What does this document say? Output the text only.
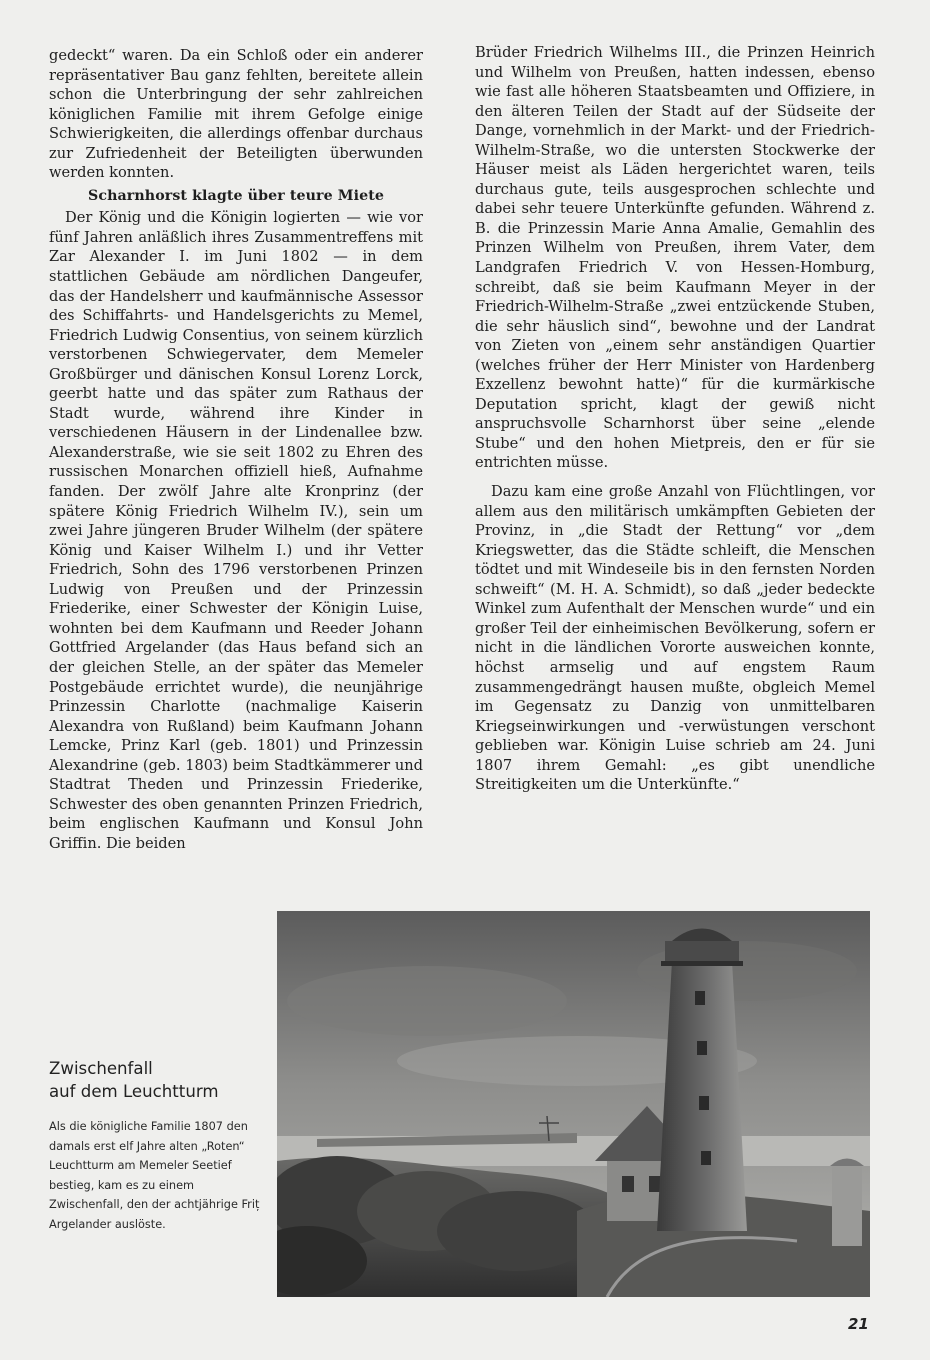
gedeckt“ waren. Da ein Schloß oder ein anderer repräsentativer Bau ganz fehlten, bereitete allein schon die Unterbringung der sehr zahlreichen königlichen Familie mit ihrem Gefolge einige Schwierigkeiten, die allerdings offenbar durchaus zur Zufriedenheit der Beteiligten überwunden werden konnten.

Scharnhorst klagte über teure Miete

Der König und die Königin logierten — wie vor fünf Jahren anläßlich ihres Zusammentreffens mit Zar Alexander I. im Juni 1802 — in dem stattlichen Gebäude am nördlichen Dangeufer, das der Handelsherr und kaufmännische Assessor des Schiffahrts- und Handelsgerichts zu Memel, Friedrich Ludwig Consentius, von seinem kürzlich verstorbenen Schwiegervater, dem Memeler Großbürger und dänischen Konsul Lorenz Lorck, geerbt hatte und das später zum Rathaus der Stadt wurde, während ihre Kinder in verschiedenen Häusern in der Lindenallee bzw. Alexanderstraße, wie sie seit 1802 zu Ehren des russischen Monarchen offiziell hieß, Aufnahme fanden. Der zwölf Jahre alte Kronprinz (der spätere König Friedrich Wilhelm IV.), sein um zwei Jahre jüngeren Bruder Wilhelm (der spätere König und Kaiser Wilhelm I.) und ihr Vetter Friedrich, Sohn des 1796 verstorbenen Prinzen Ludwig von Preußen und der Prinzessin Friederike, einer Schwester der Königin Luise, wohnten bei dem Kaufmann und Reeder Johann Gottfried Argelander (das Haus befand sich an der gleichen Stelle, an der später das Memeler Postgebäude errichtet wurde), die neunjährige Prinzessin Charlotte (nachmalige Kaiserin Alexandra von Rußland) beim Kaufmann Johann Lemcke, Prinz Karl (geb. 1801) und Prinzessin Alexandrine (geb. 1803) beim Stadtkämmerer und Stadtrat Theden und Prinzessin Friederike, Schwester des oben genannten Prinzen Friedrich, beim englischen Kaufmann und Konsul John Griffin. Die beiden

Brüder Friedrich Wilhelms III., die Prinzen Heinrich und Wilhelm von Preußen, hatten indessen, ebenso wie fast alle höheren Staatsbeamten und Offiziere, in den älteren Teilen der Stadt auf der Südseite der Dange, vornehmlich in der Markt- und der Friedrich-Wilhelm-Straße, wo die untersten Stockwerke der Häuser meist als Läden hergerichtet waren, teils durchaus gute, teils ausgesprochen schlechte und dabei sehr teuere Unterkünfte gefunden. Während z. B. die Prinzessin Marie Anna Amalie, Gemahlin des Prinzen Wilhelm von Preußen, ihrem Vater, dem Landgrafen Friedrich V. von Hessen-Homburg, schreibt, daß sie beim Kaufmann Meyer in der Friedrich-Wilhelm-Straße „zwei entzückende Stuben, die sehr häuslich sind“, bewohne und der Landrat von Zieten von „einem sehr anständigen Quartier (welches früher der Herr Minister von Hardenberg Exzellenz bewohnt hatte)“ für die kurmärkische Deputation spricht, klagt der gewiß nicht anspruchsvolle Scharnhorst über seine „elende Stube“ und den hohen Mietpreis, den er für sie entrichten müsse.

Dazu kam eine große Anzahl von Flüchtlingen, vor allem aus den militärisch umkämpften Gebieten der Provinz, in „die Stadt der Rettung“ vor „dem Kriegswetter, das die Städte schleift, die Menschen tödtet und mit Windeseile bis in den fernsten Norden schweift“ (M. H. A. Schmidt), so daß „jeder bedeckte Winkel zum Aufenthalt der Menschen wurde“ und ein großer Teil der einheimischen Bevölkerung, sofern er nicht in die ländlichen Vororte ausweichen konnte, höchst armselig und auf engstem Raum zusammengedrängt hausen mußte, obgleich Memel im Gegensatz zu Danzig von unmittelbaren Kriegseinwirkungen und -verwüstungen verschont geblieben war. Königin Luise schrieb am 24. Juni 1807 ihrem Gemahl: „es gibt unendliche Streitigkeiten um die Unterkünfte.“

Zwischenfall
auf dem Leuchtturm

Als die königliche Familie 1807 den damals erst elf Jahre alten „Roten“ Leuchtturm am Memeler Seetief bestieg, kam es zu einem Zwischenfall, den der achtjährige Friț Argelander auslöste.

21
